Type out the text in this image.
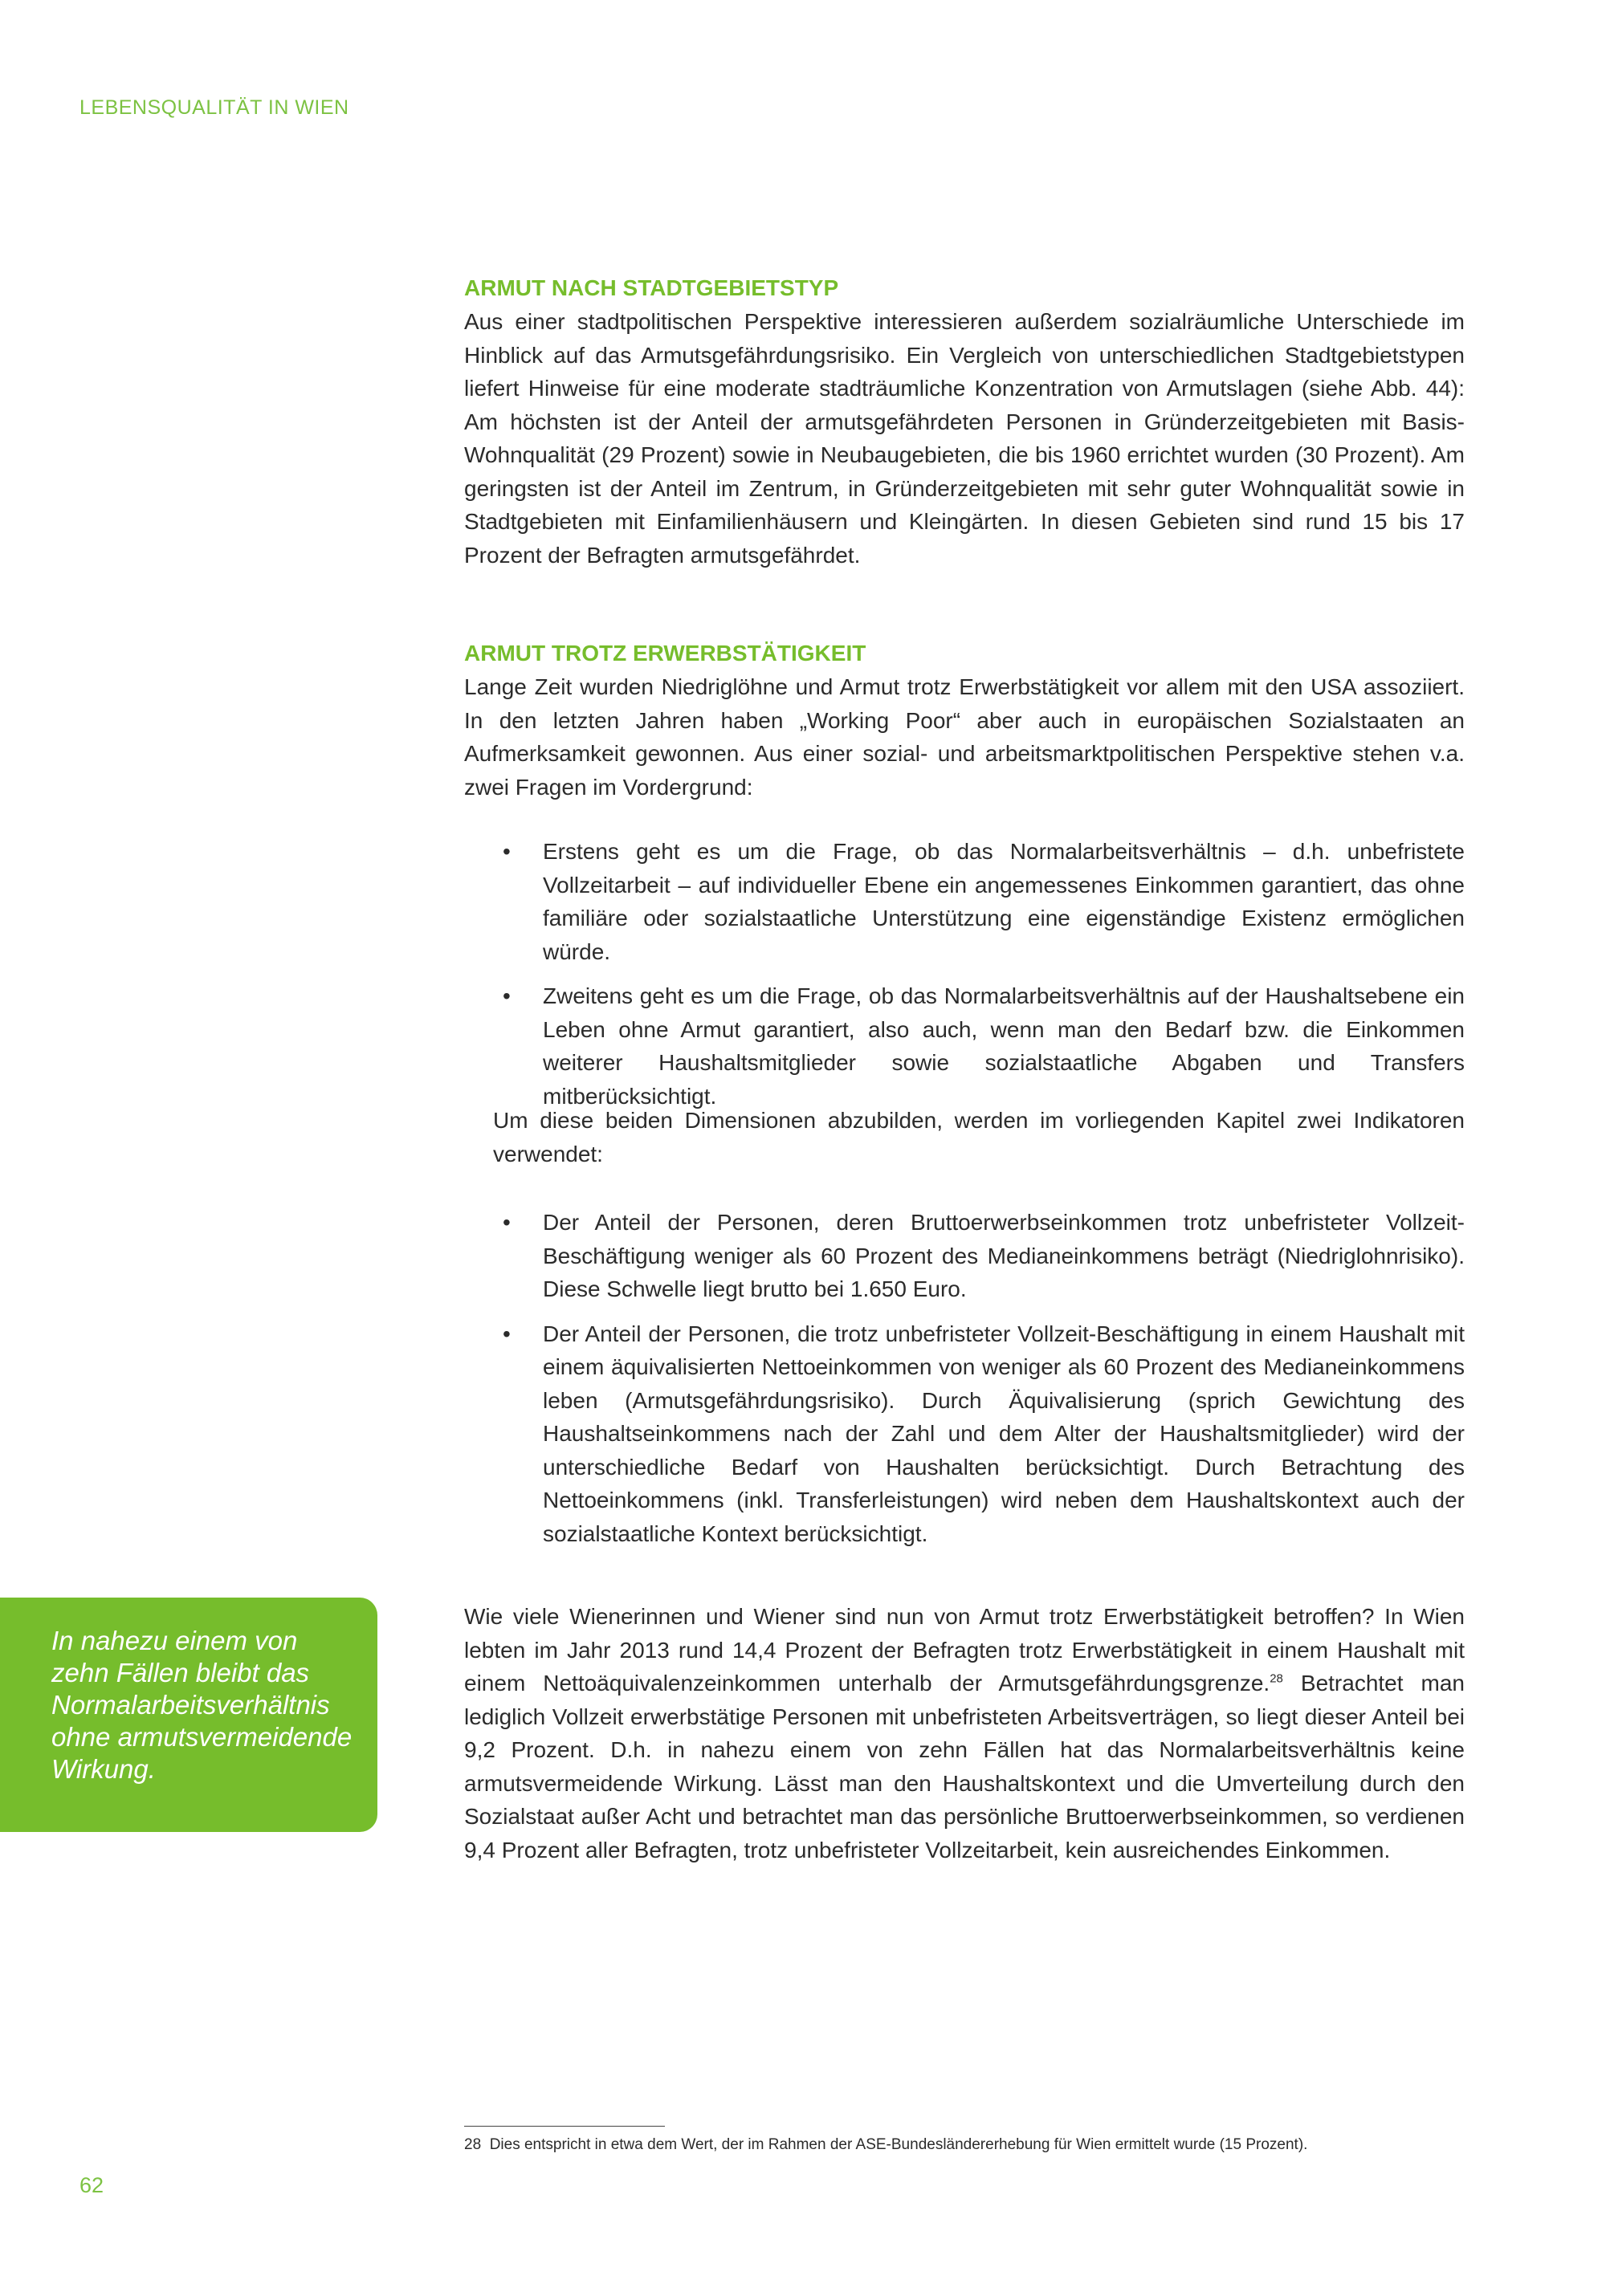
LEBENSQUALITÄT IN WIEN
ARMUT NACH STADTGEBIETSTYP

Aus einer stadtpolitischen Perspektive interessieren außerdem sozialräumliche Unterschiede im Hinblick auf das Armutsgefährdungsrisiko. Ein Vergleich von unterschiedlichen Stadtgebietstypen liefert Hinweise für eine moderate stadträumliche Konzentration von Armutslagen (siehe Abb. 44): Am höchsten ist der Anteil der armutsgefährdeten Personen in Gründerzeitgebieten mit Basis-Wohnqualität (29 Prozent) sowie in Neubaugebieten, die bis 1960 errichtet wurden (30 Prozent). Am geringsten ist der Anteil im Zentrum, in Gründerzeitgebieten mit sehr guter Wohnqualität sowie in Stadtgebieten mit Einfamilienhäusern und Kleingärten. In diesen Gebieten sind rund 15 bis 17 Prozent der Befragten armutsgefährdet.

ARMUT TROTZ ERWERBSTÄTIGKEIT

Lange Zeit wurden Niedriglöhne und Armut trotz Erwerbstätigkeit vor allem mit den USA assoziiert. In den letzten Jahren haben „Working Poor“ aber auch in europäischen Sozialstaaten an Aufmerksamkeit gewonnen. Aus einer sozial- und arbeitsmarktpolitischen Perspektive stehen v.a. zwei Fragen im Vordergrund:

• Erstens geht es um die Frage, ob das Normalarbeitsverhältnis – d.h. unbefristete Vollzeitarbeit – auf individueller Ebene ein angemessenes Einkommen garantiert, das ohne familiäre oder sozialstaatliche Unterstützung eine eigenständige Existenz ermöglichen würde.
• Zweitens geht es um die Frage, ob das Normalarbeitsverhältnis auf der Haushaltsebene ein Leben ohne Armut garantiert, also auch, wenn man den Bedarf bzw. die Einkommen weiterer Haushaltsmitglieder sowie sozialstaatliche Abgaben und Transfers mitberücksichtigt.

Um diese beiden Dimensionen abzubilden, werden im vorliegenden Kapitel zwei Indikatoren verwendet:

• Der Anteil der Personen, deren Bruttoerwerbseinkommen trotz unbefristeter Vollzeit-Beschäftigung weniger als 60 Prozent des Medianeinkommens beträgt (Niedriglohnrisiko). Diese Schwelle liegt brutto bei 1.650 Euro.
• Der Anteil der Personen, die trotz unbefristeter Vollzeit-Beschäftigung in einem Haushalt mit einem äquivalisierten Nettoeinkommen von weniger als 60 Prozent des Medianeinkommens leben (Armutsgefährdungsrisiko). Durch Äquivalisierung (sprich Gewichtung des Haushaltseinkommens nach der Zahl und dem Alter der Haushaltsmitglieder) wird der unterschiedliche Bedarf von Haushalten berücksichtigt. Durch Betrachtung des Nettoeinkommens (inkl. Transferleistungen) wird neben dem Haushaltskontext auch der sozialstaatliche Kontext berücksichtigt.

Wie viele Wienerinnen und Wiener sind nun von Armut trotz Erwerbstätigkeit betroffen? In Wien lebten im Jahr 2013 rund 14,4 Prozent der Befragten trotz Erwerbstätigkeit in einem Haushalt mit einem Nettoäquivalenzeinkommen unterhalb der Armutsgefährdungsgrenze.$^{28}$ Betrachtet man lediglich Vollzeit erwerbstätige Personen mit unbefristeten Arbeitsverträgen, so liegt dieser Anteil bei 9,2 Prozent. D.h. in nahezu einem von zehn Fällen hat das Normalarbeitsverhältnis keine armutsvermeidende Wirkung. Lässt man den Haushaltskontext und die Umverteilung durch den Sozialstaat außer Acht und betrachtet man das persönliche Bruttoerwerbseinkommen, so verdienen 9,4 Prozent aller Befragten, trotz unbefristeter Vollzeitarbeit, kein ausreichendes Einkommen.

In nahezu einem von zehn Fällen bleibt das Normalarbeitsverhältnis ohne armutsvermeidende Wirkung.

28 Dies entspricht in etwa dem Wert, der im Rahmen der ASE-Bundesländererhebung für Wien ermittelt wurde (15 Prozent).
62
